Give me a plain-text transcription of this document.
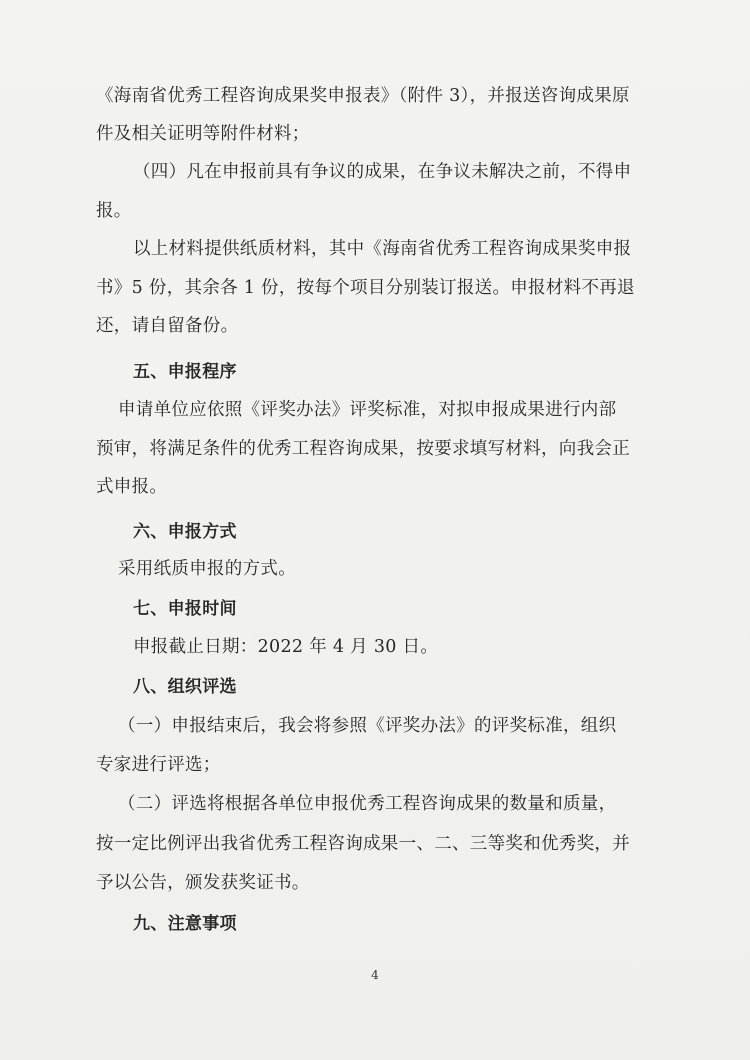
《海南省优秀工程咨询成果奖申报表》（附件 3），并报送咨询成果原
件及相关证明等附件材料；
（四）凡在申报前具有争议的成果，在争议未解决之前，不得申
报。
以上材料提供纸质材料，其中《海南省优秀工程咨询成果奖申报
书》5 份，其余各 1 份，按每个项目分别装订报送。申报材料不再退
还，请自留备份。
五、申报程序
申请单位应依照《评奖办法》评奖标准，对拟申报成果进行内部
预审，将满足条件的优秀工程咨询成果，按要求填写材料，向我会正
式申报。
六、申报方式
采用纸质申报的方式。
七、申报时间
申报截止日期：2022 年 4 月 30 日。
八、组织评选
（一）申报结束后，我会将参照《评奖办法》的评奖标准，组织
专家进行评选；
（二）评选将根据各单位申报优秀工程咨询成果的数量和质量，
按一定比例评出我省优秀工程咨询成果一、二、三等奖和优秀奖，并
予以公告，颁发获奖证书。
九、注意事项
4
